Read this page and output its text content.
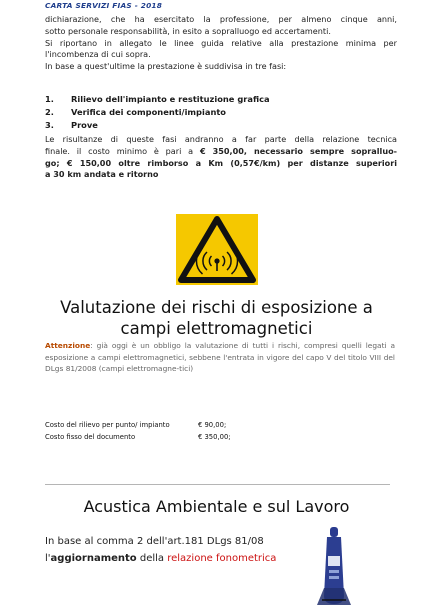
CARTA SERVIZI FIAS - 2018

dichiarazione, che ha esercitato la professione, per almeno cinque anni,

sotto personale responsabilità, in esito a sopralluogo ed accertamenti.

Si riportano in allegato le linee guida relative alla prestazione minima per

l'incombenza di cui sopra.

In base a quest'ultime la prestazione è suddivisa in tre fasi:

1. Rilievo dell'impianto e restituzione grafica
2. Verifica dei componenti/impianto
3. Prove

Le risultanze di queste fasi andranno a far parte della relazione tecnica

finale. il costo minimo è pari a € 350,00, necessario sempre sopralluo-

go; € 150,00 oltre rimborso a Km (0,57€/km) per distanze superiori

a 30 km andata e ritorno

Valutazione dei rischi di esposizione a
campi elettromagnetici
Attenzione: già oggi è un obbligo la valutazione di tutti i rischi, compresi quelli legati a esposizione a campi elettromagnetici, sebbene l'entrata in vigore del capo V del titolo VIII del DLgs 81/2008 (campi elettromagne-tici)
Costo del rilievo per punto/ impianto	€ 90,00;
Costo fisso del documento	€ 350,00;
Acustica Ambientale e sul Lavoro
In base al comma 2 dell'art.181 DLgs 81/08
l'aggiornamento della relazione fonometrica
